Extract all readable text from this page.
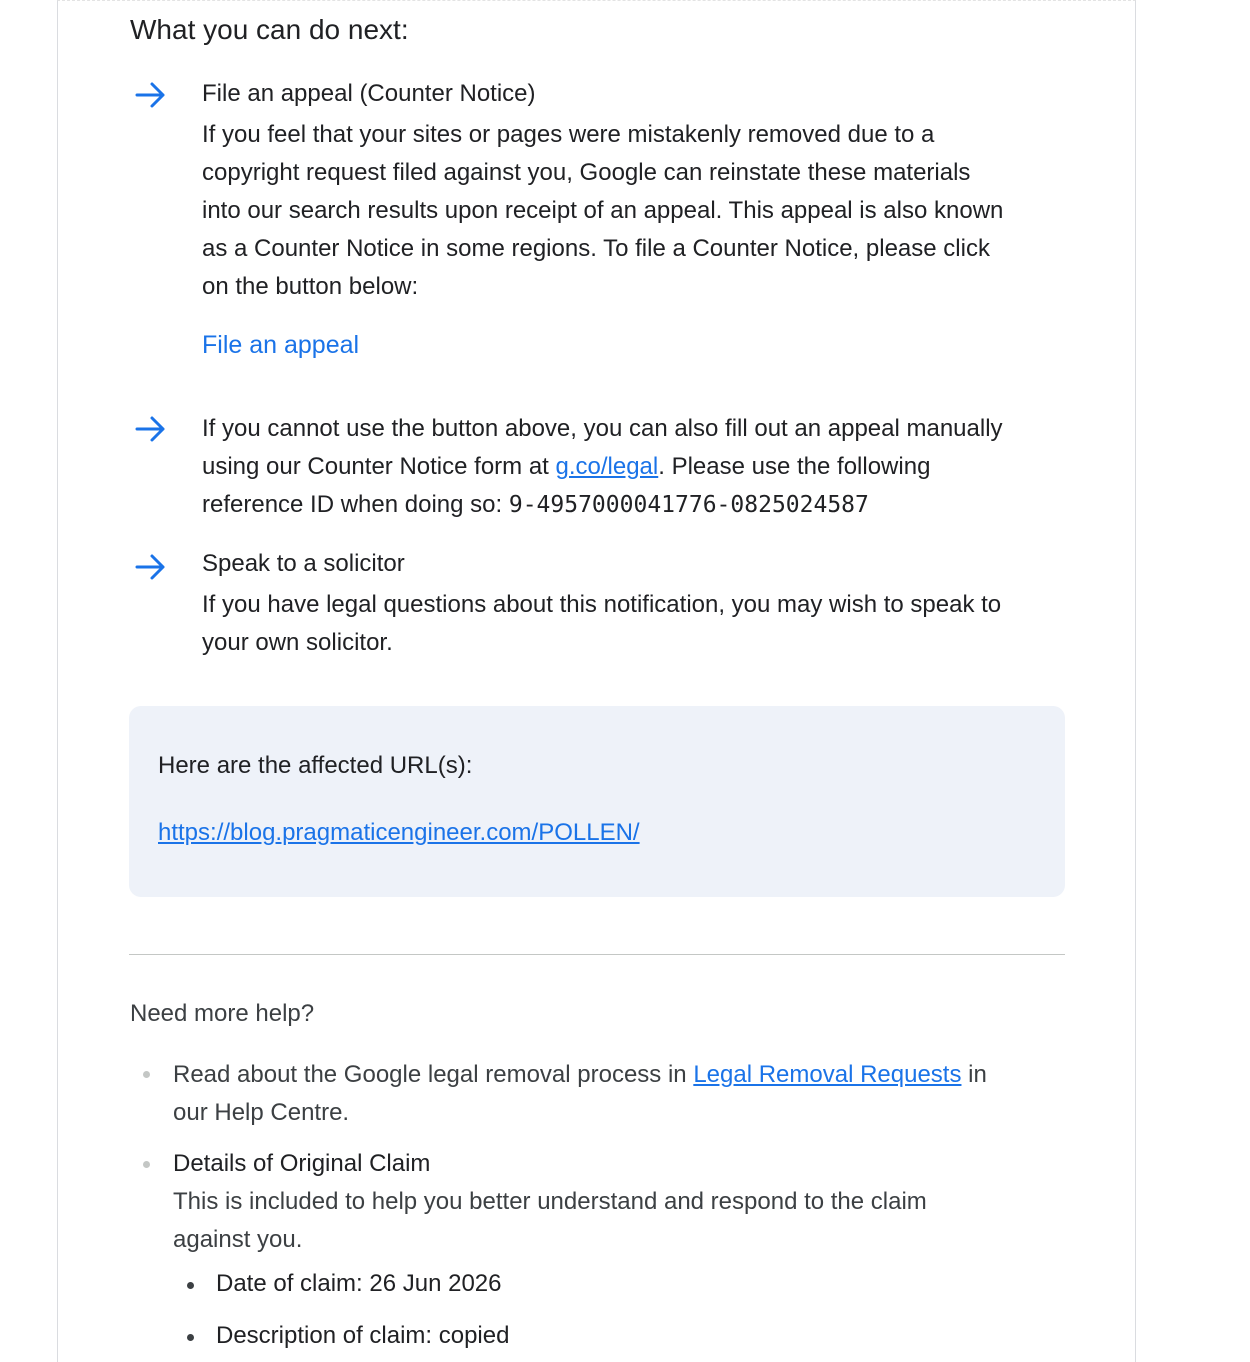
What you can do next:

File an appeal (Counter Notice)

If you feel that your sites or pages were mistakenly removed due to a
copyright request filed against you, Google can reinstate these materials
into our search results upon receipt of an appeal. This appeal is also known
as a Counter Notice in some regions. To file a Counter Notice, please click
on the button below:

File an appeal

If you cannot use the button above, you can also fill out an appeal manually
using our Counter Notice form at g.co/legal. Please use the following
reference ID when doing so: 9-4957000041776-0825024587

Speak to a solicitor

If you have legal questions about this notification, you may wish to speak to
your own solicitor.

Here are the affected URL(s):

https://blog.pragmaticengineer.com/POLLEN/

Need more help?

Read about the Google legal removal process in Legal Removal Requests in
our Help Centre.

Details of Original Claim

This is included to help you better understand and respond to the claim
against you.

Date of claim: 26 Jun 2026

Description of claim: copied
